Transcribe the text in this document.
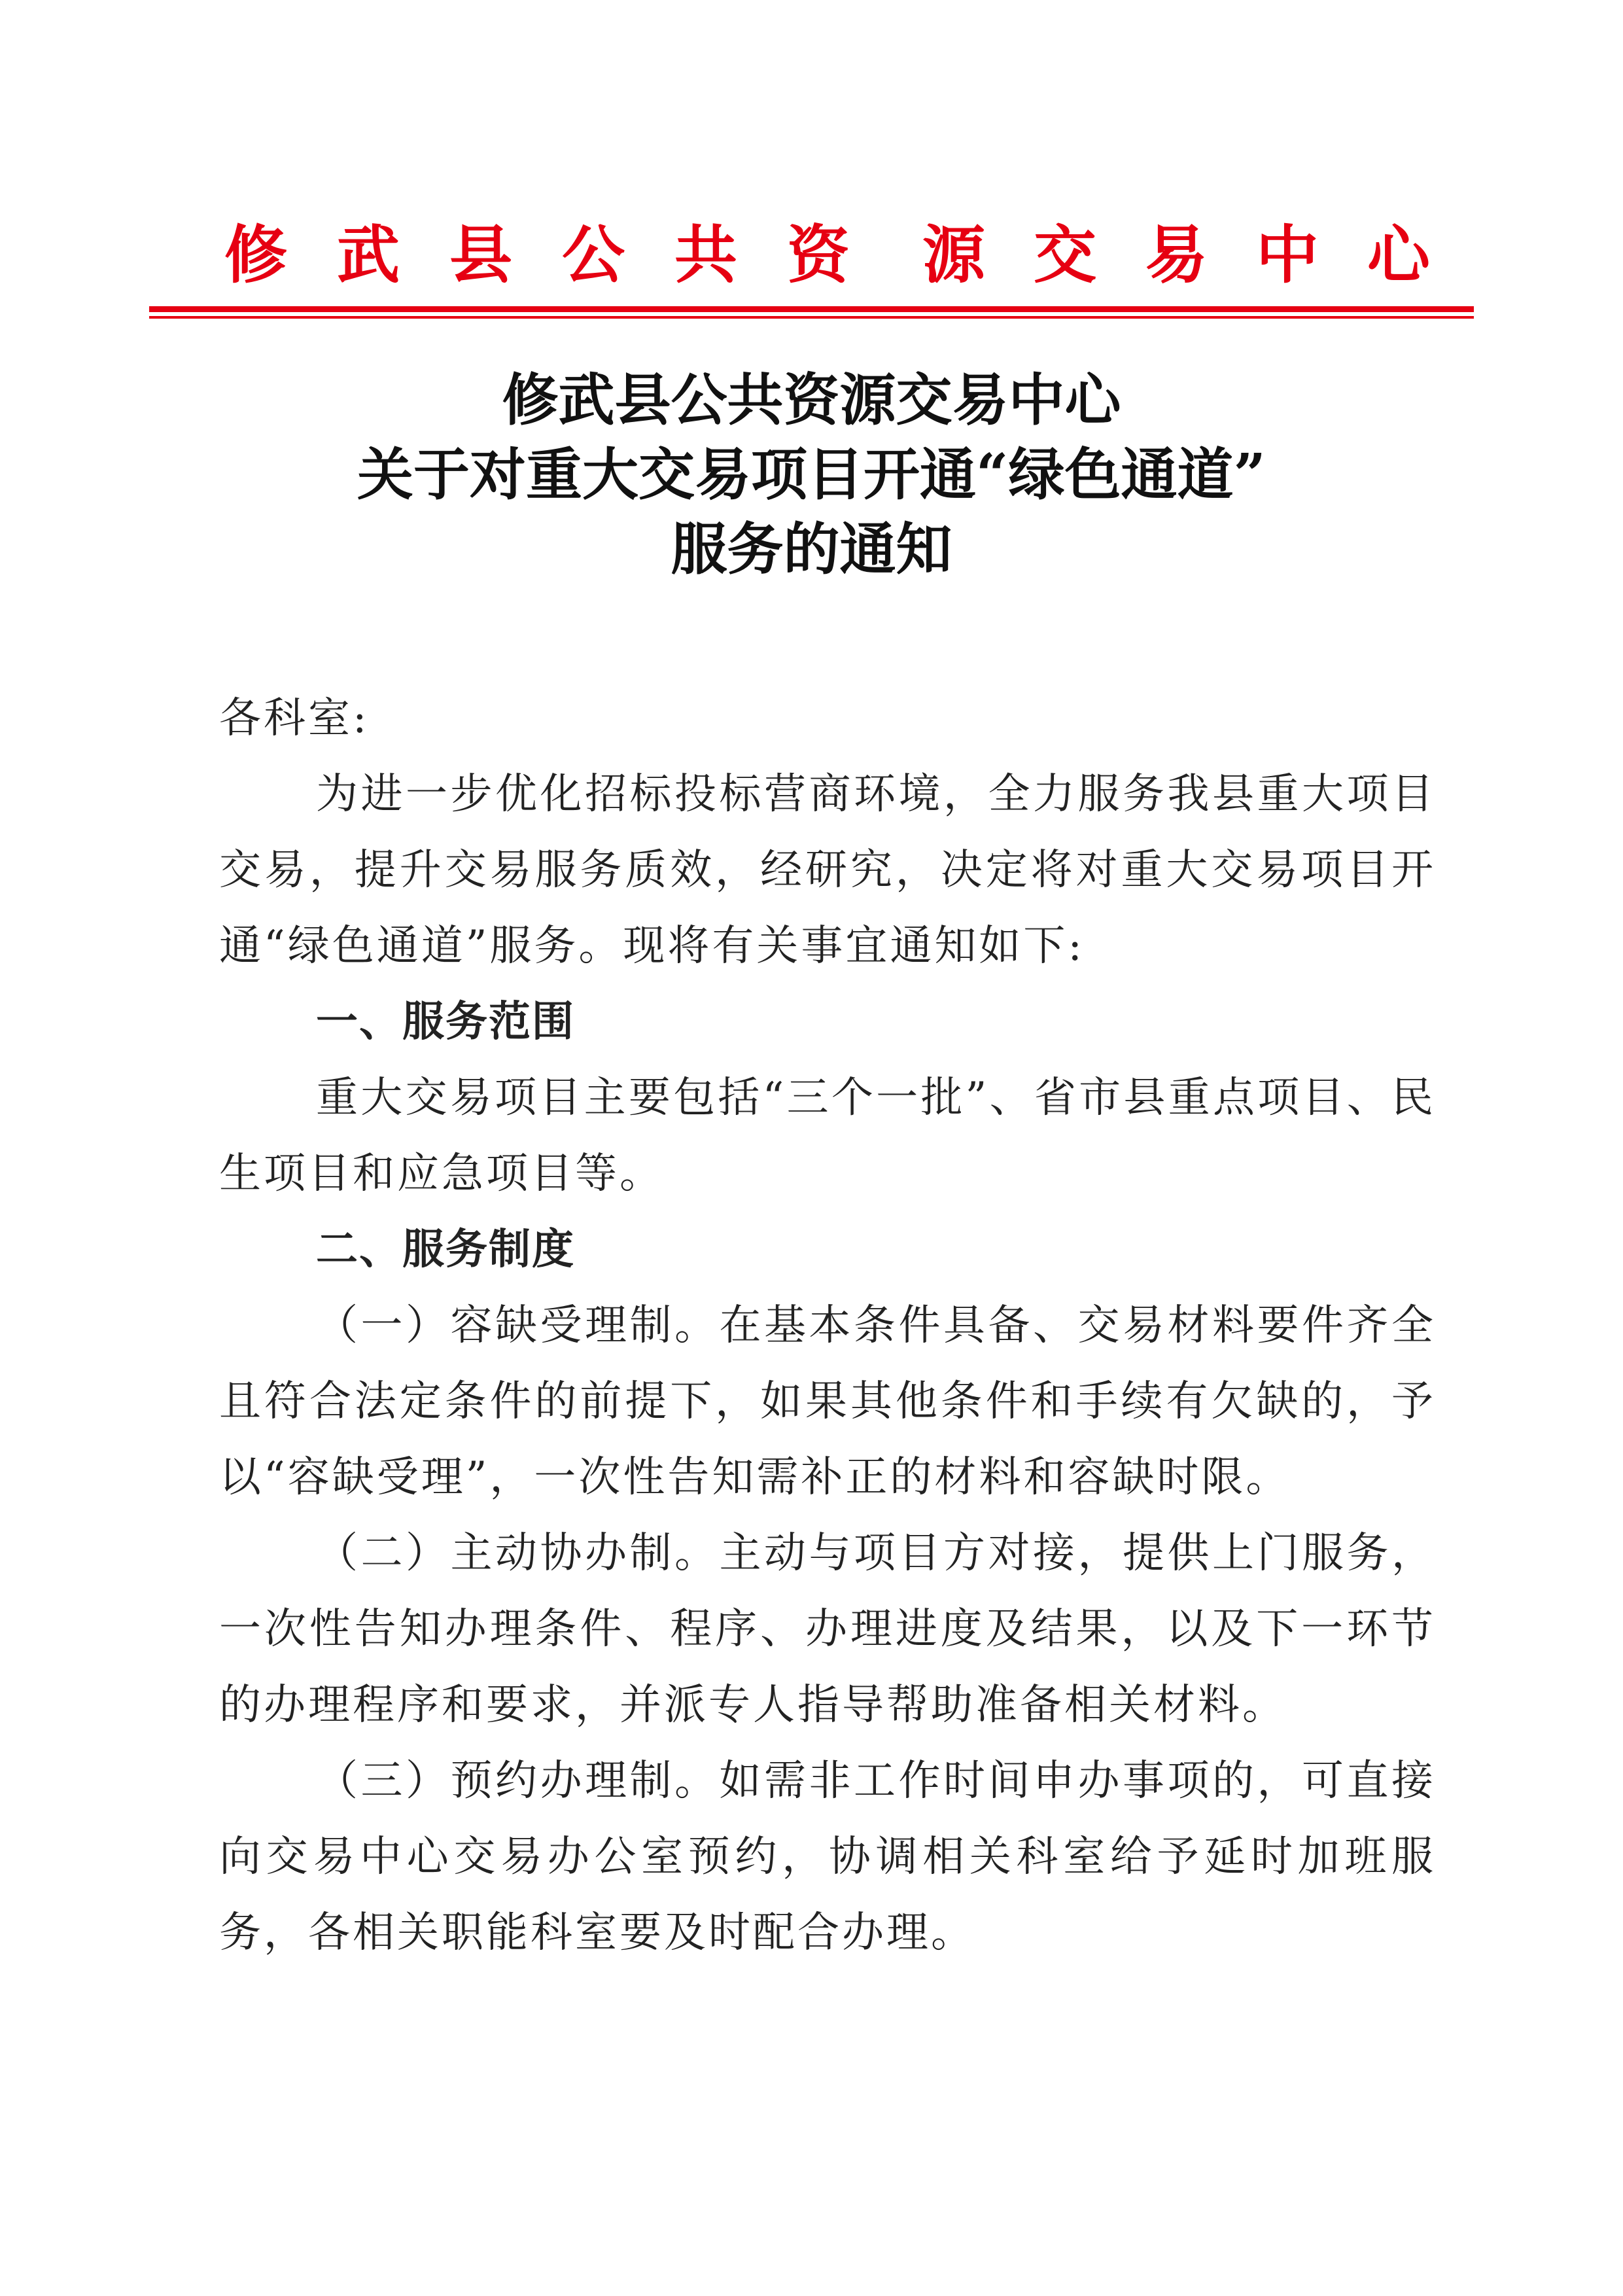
修 武 县 公 共 资 源 交 易 中 心
修武县公共资源交易中心
关于对重大交易项目开通“绿色通道”
服务的通知

各科室:

为进一步优化招标投标营商环境，全力服务我县重大项目交易，提升交易服务质效，经研究，决定将对重大交易项目开通“绿色通道”服务。现将有关事宜通知如下:

一、服务范围

重大交易项目主要包括“三个一批”、省市县重点项目、民生项目和应急项目等。

二、服务制度

（一）容缺受理制。在基本条件具备、交易材料要件齐全且符合法定条件的前提下，如果其他条件和手续有欠缺的，予以“容缺受理”，一次性告知需补正的材料和容缺时限。

（二）主动协办制。主动与项目方对接，提供上门服务，一次性告知办理条件、程序、办理进度及结果，以及下一环节的办理程序和要求，并派专人指导帮助准备相关材料。

（三）预约办理制。如需非工作时间申办事项的，可直接向交易中心交易办公室预约，协调相关科室给予延时加班服务，各相关职能科室要及时配合办理。
